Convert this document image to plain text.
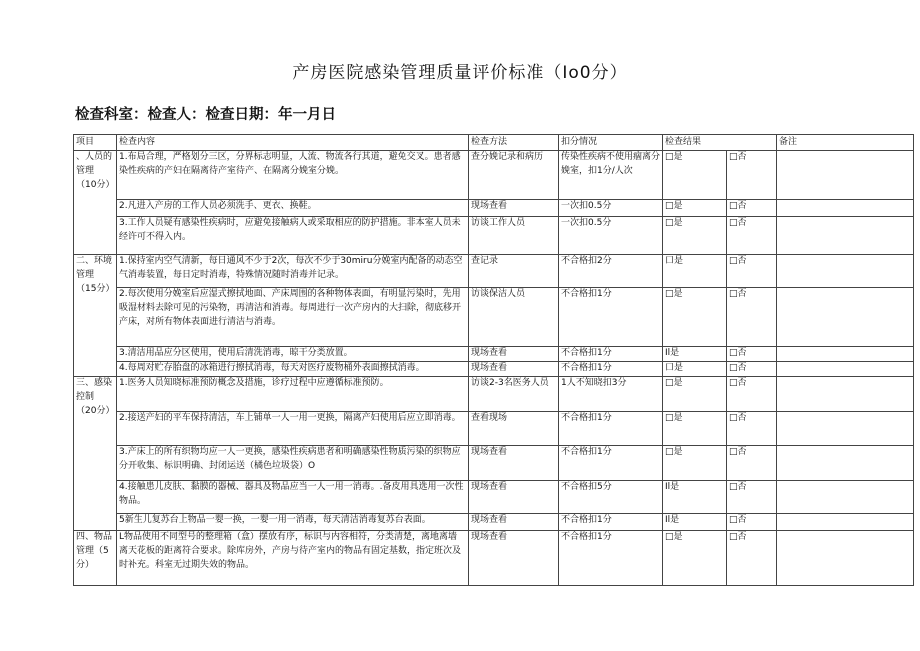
产房医院感染管理质量评价标准（Io0分）
检查科室：检查人：检查日期：年一月日
项目	检查内容	检查方法	扣分情况	检查结果		备注
、人员的管理（10分）	1.布局合理，严格划分三区，分界标志明显，人流、物流各行其道，避免交叉。患者感染性疾病的产妇在隔离待产室待产、在隔离分娩室分娩。	查分娩记录和病历	传染性疾病不使用痼离分娩室，扣1分/人次	□是	□否	
	2.凡进入产房的工作人员必须洗手、更衣、换鞋。	现场查看	一次扣0.5分	□是	□否	
	3.工作人员疑有感染性疾病时，应避免接触病人或采取相应的防护措施。非本室人员未经许可不得入内。	访谈工作人员	一次扣0.5分	□是	□否	
二、环境管理（15分）	1.保持室内空气清新，每日通风不少于2次，每次不少于30miru分娩室内配备的动态空气消毒装置，每日定时消毒，特殊情况随时消毒并记录。	查记录	不合格扣2分	口是	□否	
	2.每次使用分娩室后应湿式擦拭地面、产床周围的各种物体表面，有明显污染时，先用吸湿材料去除可见的污染物，再清洁和消毒。每周进行一次产房内的大扫除，彻底移开产床，对所有物体表面进行清洁与消毒。	访谈保洁人员	不合格扣1分	□是	□否	
	3.清洁用品应分区使用，使用后清洗消毒，晾干分类放置。	现场查看	不合格扣1分	Il是	□否	
	4.每周对贮存胎盘的冰箱进行擦拭消毒，每天对医疗废物桶外表面擦拭消毒。	现场查看	不合格扣1分	口是	□否	
三、感染控制（20分）	1.医务人员知晓标准预防概念及措施，诊疗过程中应遵循标准预防。	访谈2-3名医务人员	1人不知晓扣3分	□是	□否	
	2.接送产妇的平车保持清洁，车上铺单一人一用一更换，隔离产妇使用后应立即消毒。	查看现场	不合格扣1分	□是	□否	
	3.产床上的所有织物均应一人一更换，感染性疾病患者和明确感染性物质污染的织物应分开收集、标识明确、封闭运送（橘色垃圾袋）O	现场查看	不合格扣1分	□是	□否	
	4.接触患儿皮肤、黏膜的器械、器具及物品应当一人一用一消毒。.备皮用具选用一次性物品。	现场查看	不合格扣5分	Il是	□否	
	5新生儿复苏台上物品一婴一换，一婴一用一消毒，每天清洁消毒复苏台表面。	现场查看	不合格扣1分	Il是	□否	
四、物品管理（5分）	L物品使用不同型号的整理箱（盒）摆放有序，标识与内容相符，分类清楚，离地离墙离天花板的距离符合要求。除库房外，产房与待产室内的物品有固定基数，指定班次及时补充。科室无过期失效的物品。	现场查看	不合格扣1分	□是	□否	
